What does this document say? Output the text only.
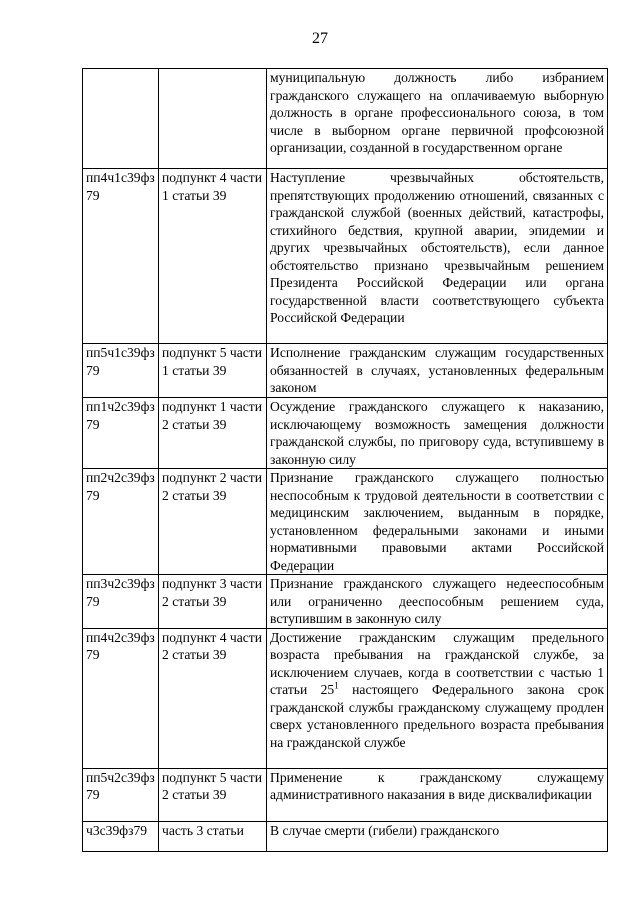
27
		муниципальную должность либо избранием гражданского служащего на оплачиваемую выборную должность в органе профессионального союза, в том числе в выборном органе первичной профсоюзной организации, созданной в государственном органе
пп4ч1с39фз79	подпункт 4 части 1 статьи 39	Наступление чрезвычайных обстоятельств, препятствующих продолжению отношений, связанных с гражданской службой (военных действий, катастрофы, стихийного бедствия, крупной аварии, эпидемии и других чрезвычайных обстоятельств), если данное обстоятельство признано чрезвычайным решением Президента Российской Федерации или органа государственной власти соответствующего субъекта Российской Федерации
пп5ч1с39фз79	подпункт 5 части 1 статьи 39	Исполнение гражданским служащим государственных обязанностей в случаях, установленных федеральным законом
пп1ч2с39фз79	подпункт 1 части 2 статьи 39	Осуждение гражданского служащего к наказанию, исключающему возможность замещения должности гражданской службы, по приговору суда, вступившему в законную силу
пп2ч2с39фз79	подпункт 2 части 2 статьи 39	Признание гражданского служащего полностью неспособным к трудовой деятельности в соответствии с медицинским заключением, выданным в порядке, установленном федеральными законами и иными нормативными правовыми актами Российской Федерации
пп3ч2с39фз79	подпункт 3 части 2 статьи 39	Признание гражданского служащего недееспособным или ограниченно дееспособным решением суда, вступившим в законную силу
пп4ч2с39фз79	подпункт 4 части 2 статьи 39	Достижение гражданским служащим предельного возраста пребывания на гражданской службе, за исключением случаев, когда в соответствии с частью 1 статьи $25^1$ настоящего Федерального закона срок гражданской службы гражданскому служащему продлен сверх установленного предельного возраста пребывания на гражданской службе
пп5ч2с39фз79	подпункт 5 части 2 статьи 39	Применение к гражданскому служащему административного наказания в виде дисквалификации
ч3с39фз79	часть 3 статьи	В случае смерти (гибели) гражданского
